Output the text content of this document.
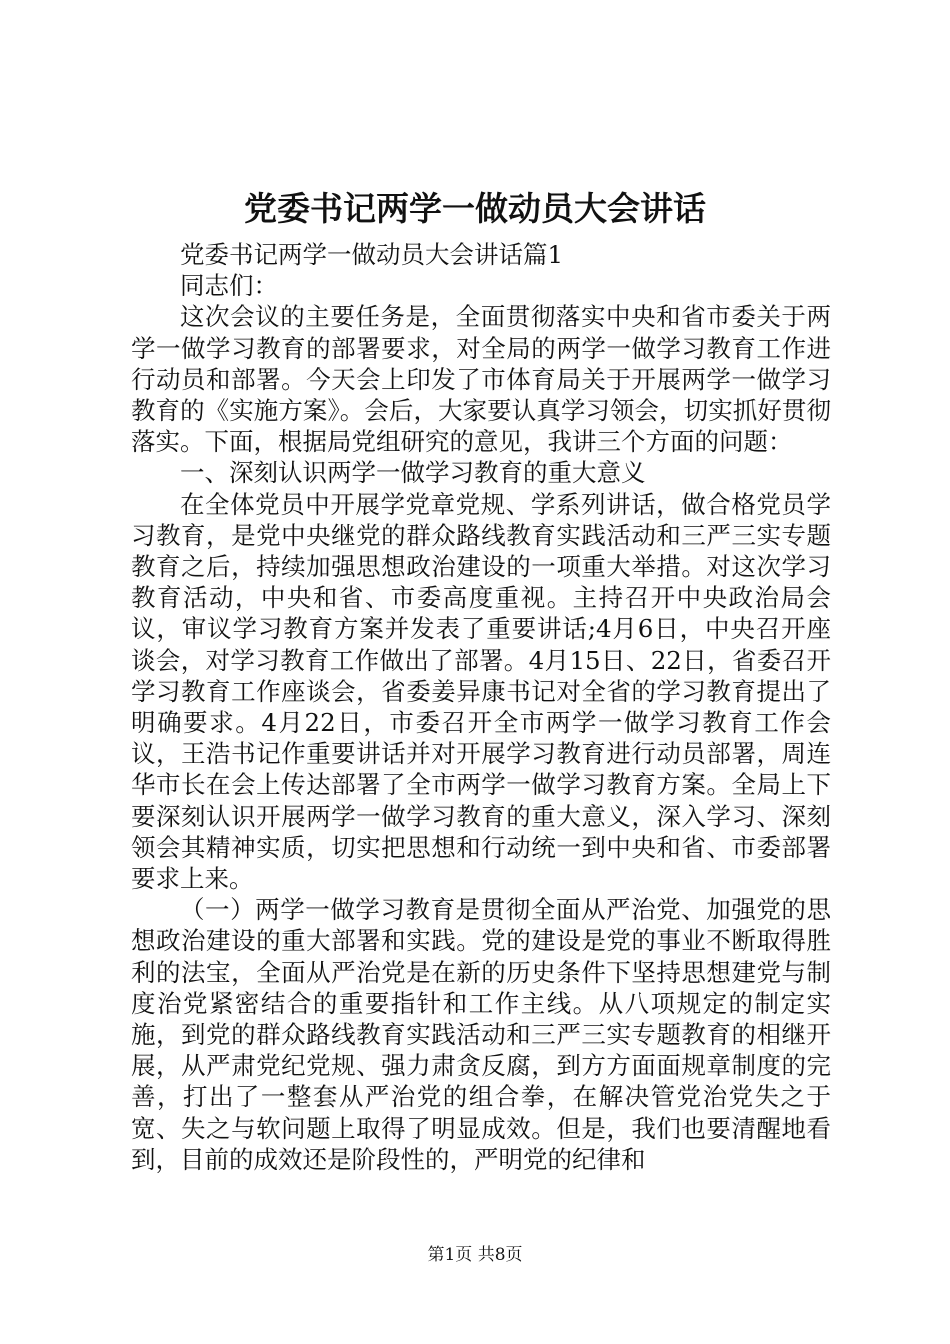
党委书记两学一做动员大会讲话

党委书记两学一做动员大会讲话篇1

同志们：

这次会议的主要任务是，全面贯彻落实中央和省市委关于两学一做学习教育的部署要求，对全局的两学一做学习教育工作进行动员和部署。今天会上印发了市体育局关于开展两学一做学习教育的《实施方案》。会后，大家要认真学习领会，切实抓好贯彻落实。下面，根据局党组研究的意见，我讲三个方面的问题：

一、深刻认识两学一做学习教育的重大意义

在全体党员中开展学党章党规、学系列讲话，做合格党员学习教育，是党中央继党的群众路线教育实践活动和三严三实专题教育之后，持续加强思想政治建设的一项重大举措。对这次学习教育活动，中央和省、市委高度重视。主持召开中央政治局会议，审议学习教育方案并发表了重要讲话;4月6日，中央召开座谈会，对学习教育工作做出了部署。4月15日、22日，省委召开学习教育工作座谈会，省委姜异康书记对全省的学习教育提出了明确要求。4月22日，市委召开全市两学一做学习教育工作会议，王浩书记作重要讲话并对开展学习教育进行动员部署，周连华市长在会上传达部署了全市两学一做学习教育方案。全局上下要深刻认识开展两学一做学习教育的重大意义，深入学习、深刻领会其精神实质，切实把思想和行动统一到中央和省、市委部署要求上来。

（一）两学一做学习教育是贯彻全面从严治党、加强党的思想政治建设的重大部署和实践。党的建设是党的事业不断取得胜利的法宝，全面从严治党是在新的历史条件下坚持思想建党与制度治党紧密结合的重要指针和工作主线。从八项规定的制定实施，到党的群众路线教育实践活动和三严三实专题教育的相继开展，从严肃党纪党规、强力肃贪反腐，到方方面面规章制度的完善，打出了一整套从严治党的组合拳，在解决管党治党失之于宽、失之与软问题上取得了明显成效。但是，我们也要清醒地看到，目前的成效还是阶段性的，严明党的纪律和

第1页 共8页
